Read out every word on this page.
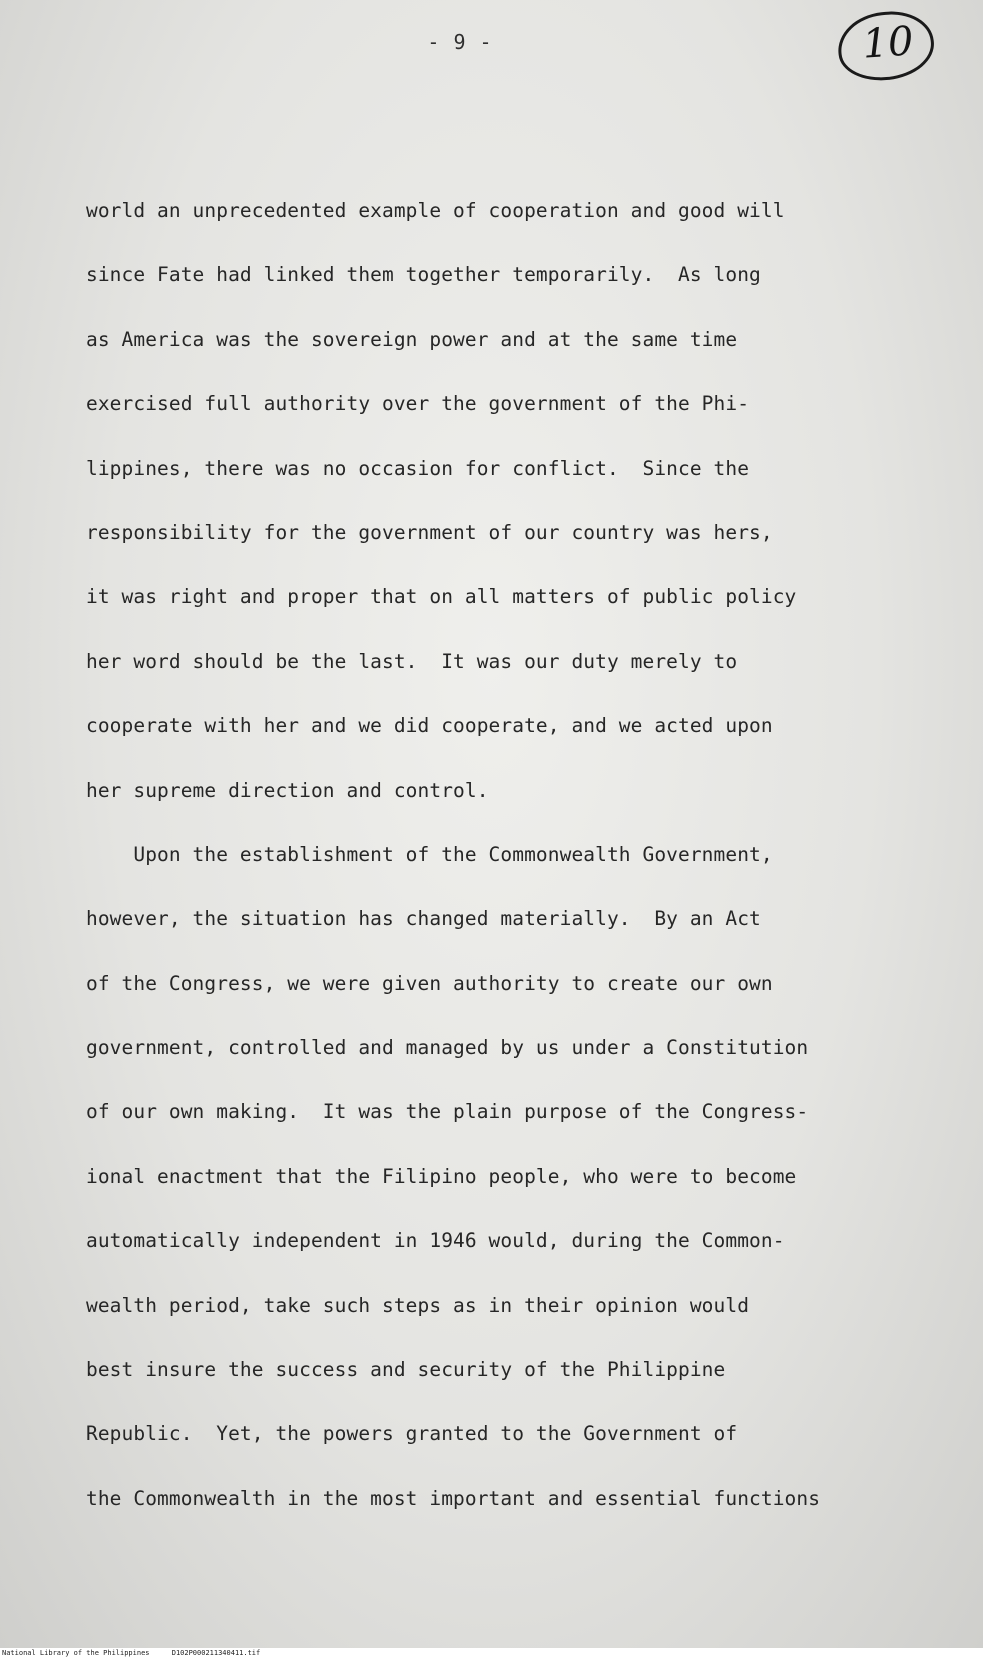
- 9 -	10
world an unprecedented example of cooperation and good will
since Fate had linked them together temporarily.  As long
as America was the sovereign power and at the same time
exercised full authority over the government of the Phi-
lippines, there was no occasion for conflict.  Since the
responsibility for the government of our country was hers,
it was right and proper that on all matters of public policy
her word should be the last.  It was our duty merely to
cooperate with her and we did cooperate, and we acted upon
her supreme direction and control.
Upon the establishment of the Commonwealth Government,
however, the situation has changed materially.  By an Act
of the Congress, we were given authority to create our own
government, controlled and managed by us under a Constitution
of our own making.  It was the plain purpose of the Congress-
ional enactment that the Filipino people, who were to become
automatically independent in 1946 would, during the Common-
wealth period, take such steps as in their opinion would
best insure the success and security of the Philippine
Republic.  Yet, the powers granted to the Government of
the Commonwealth in the most important and essential functions
National Library of the Philippines	D102P000211340411.tif
